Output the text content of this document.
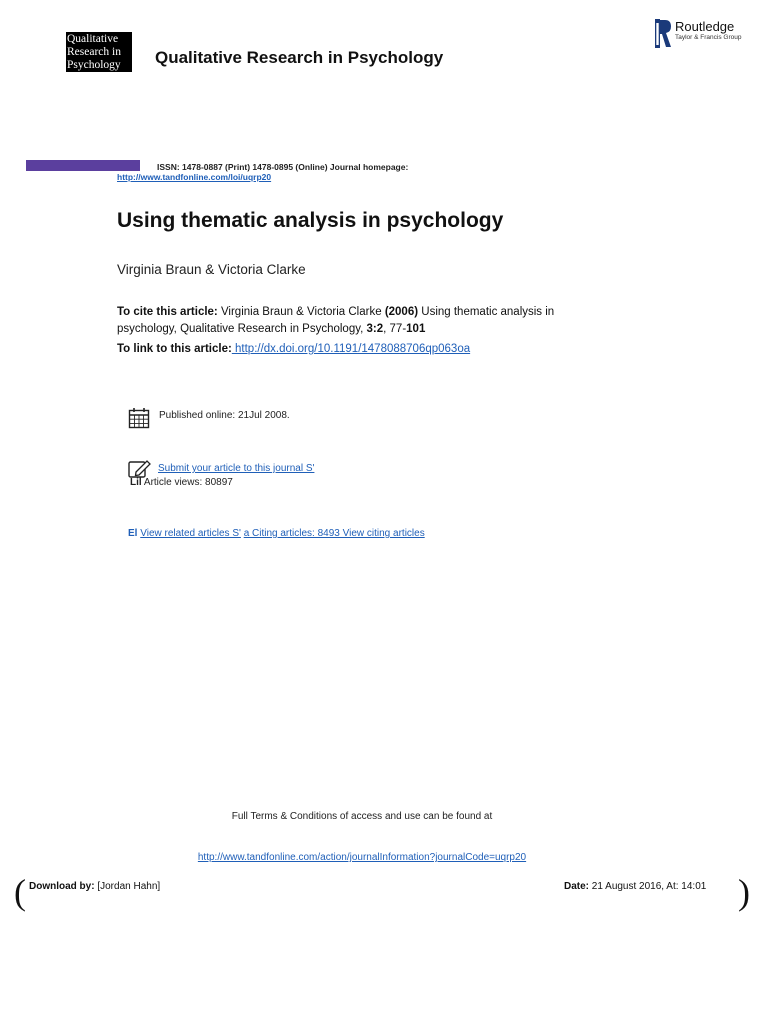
Qualitative
Research in
Psychology	Qualitative Research in Psychology
Routledge
Taylor & Francis Group
ISSN: 1478-0887 (Print) 1478-0895 (Online) Journal homepage:
http://www.tandfonline.com/loi/uqrp20
Using thematic analysis in psychology
Virginia Braun & Victoria Clarke
To cite this article: Virginia Braun & Victoria Clarke (2006) Using thematic analysis in psychology, Qualitative Research in Psychology, 3:2, 77-101
To link to this article: http://dx.doi.org/10.1191/1478088706qp063oa
Published online: 21Jul 2008.
Submit your article to this journal S'
Lil Article views: 80897
El View related articles S' a Citing articles: 8493 View citing articles
Full Terms & Conditions of access and use can be found at
http://www.tandfonline.com/action/journalInformation?journalCode=uqrp20
(	)
Download by: [Jordan Hahn]	Date: 21 August 2016, At: 14:01
